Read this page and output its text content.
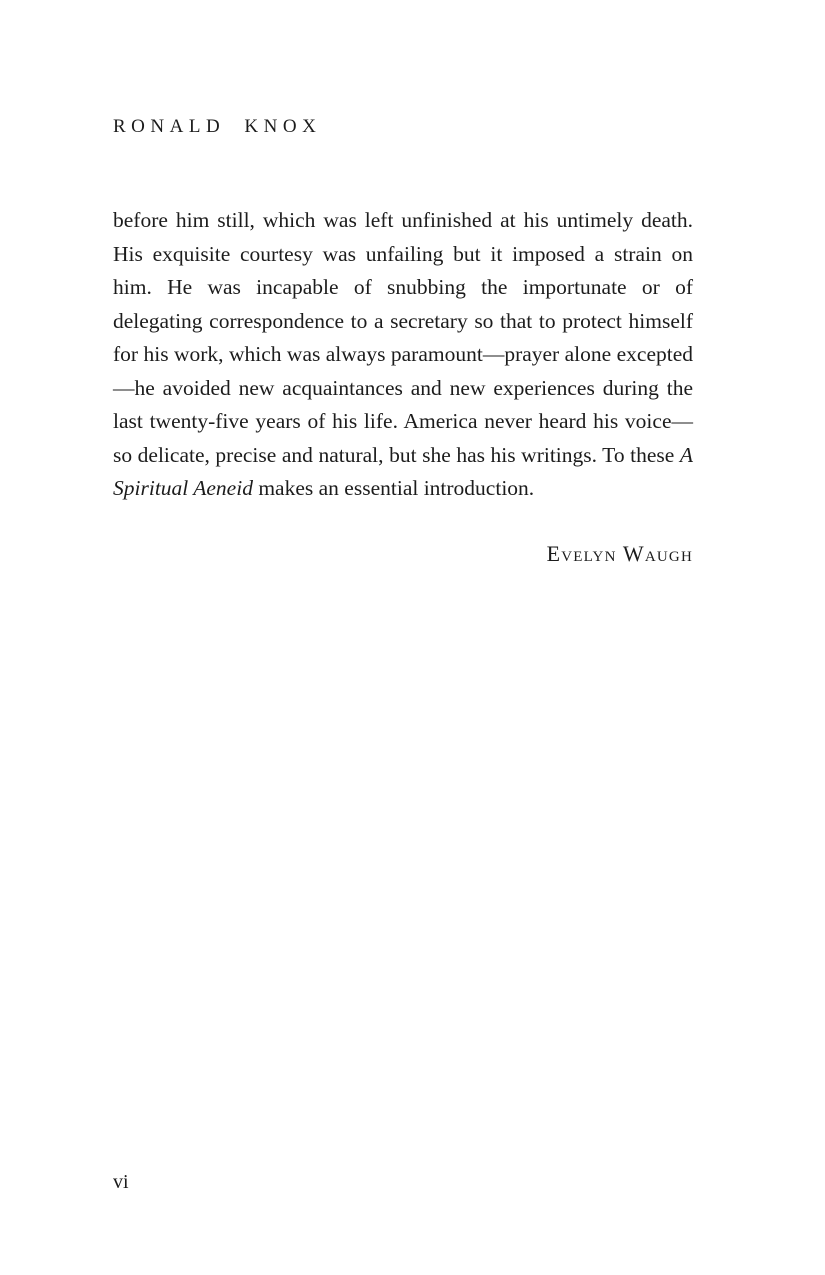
RONALD KNOX

before him still, which was left unfinished at his untimely death. His exquisite courtesy was unfailing but it imposed a strain on him. He was incapable of snubbing the importunate or of delegating correspondence to a secretary so that to protect himself for his work, which was always paramount—prayer alone excepted—he avoided new acquaintances and new experiences during the last twenty-five years of his life. America never heard his voice—so delicate, precise and natural, but she has his writings. To these A Spiritual Aeneid makes an essential introduction.

Evelyn Waugh

vi
